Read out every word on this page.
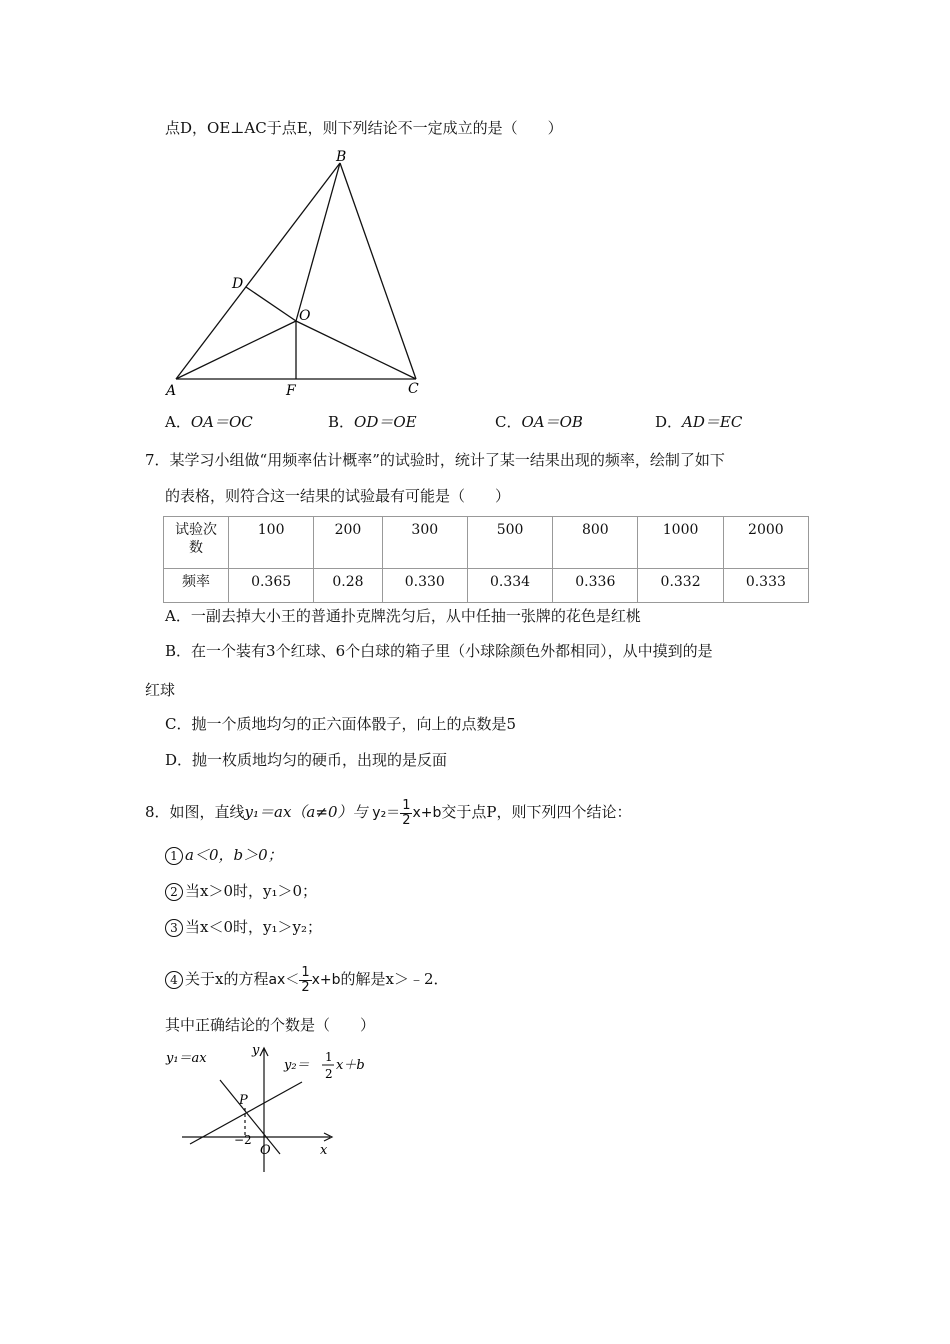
点D，OE⊥AC于点E，则下列结论不一定成立的是（　　）
B
D
O
A	F	C
A．OA＝OC	B．OD＝OE	C．OA＝OB	D．AD＝EC
7．某学习小组做“用频率估计概率”的试验时，统计了某一结果出现的频率，绘制了如下
的表格，则符合这一结果的试验最有可能是（　　）
试验次
数	100	200	300	500	800	1000	2000
频率	0.365	0.28	0.330	0.334	0.336	0.332	0.333
A．一副去掉大小王的普通扑克牌洗匀后，从中任抽一张牌的花色是红桃
B．在一个装有3个红球、6个白球的箱子里（小球除颜色外都相同），从中摸到的是
红球
C．抛一个质地均匀的正六面体骰子，向上的点数是5
D．抛一枚质地均匀的硬币，出现的是反面
8．如图，直线y₁＝ax（a≠0）与 $y_2= \frac{1}{2} x+b$交于点P，则下列四个结论：
1 a＜0，b＞0；
2 当x＞0时，y₁＞0；
3 当x＜0时，y₁＞y₂；
4 关于x的方程$ax< \frac{1}{2} x+b$的解是x＞﹣2．
其中正确结论的个数是（　　）
y₁＝ax	y₂＝
1
2
x＋b
y
x
P
O
−2
